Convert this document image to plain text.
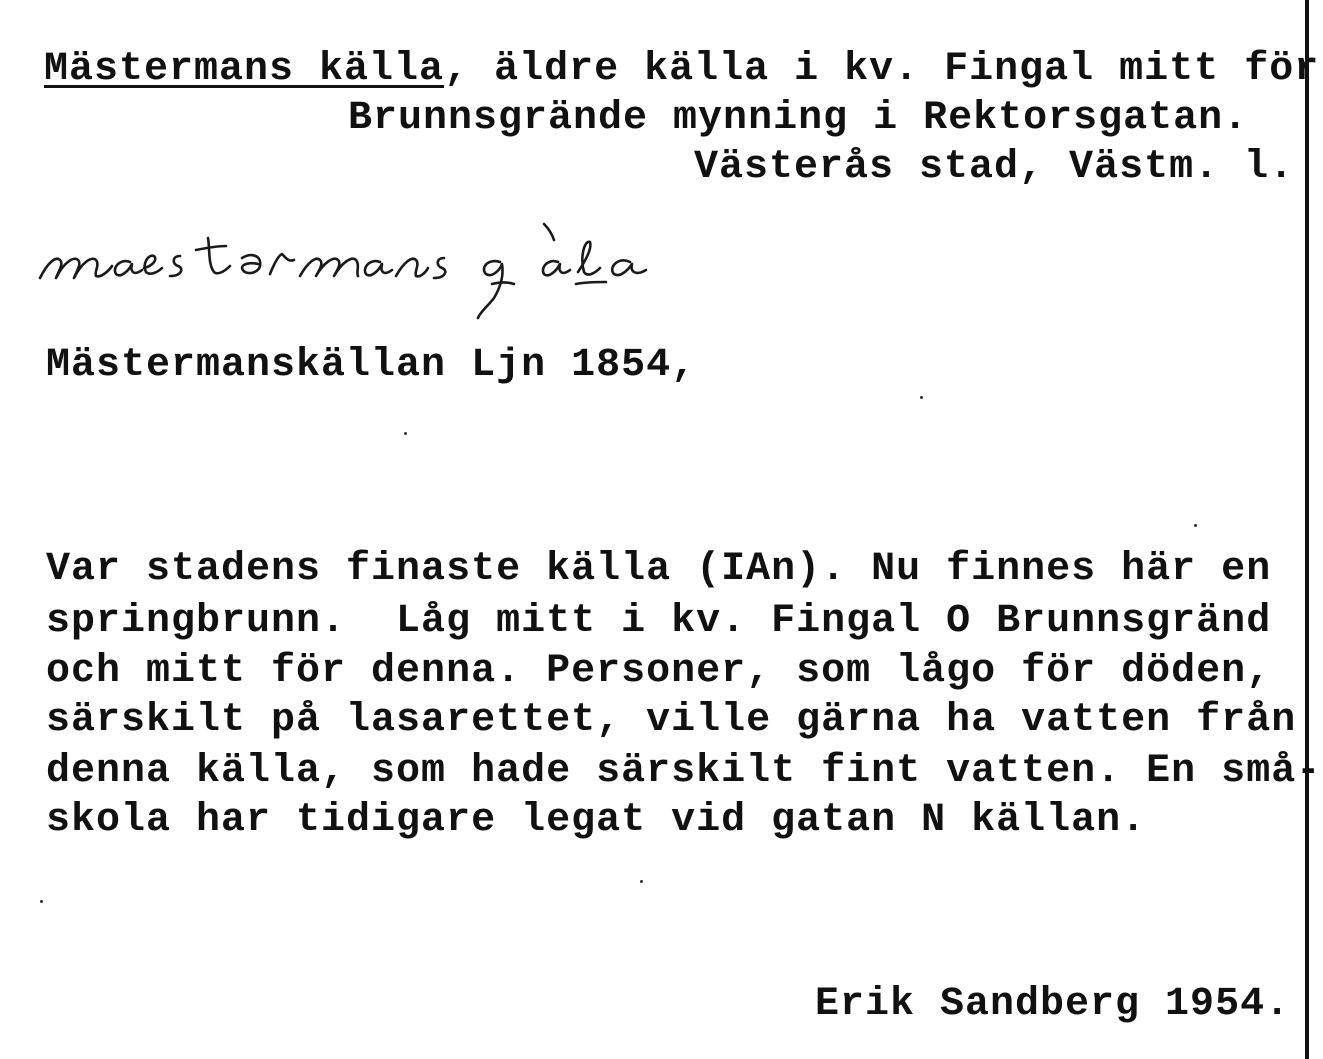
Mästermans källa, äldre källa i kv. Fingal mitt för

Brunnsgrände mynning i Rektorsgatan.

Västerås stad, Västm. l.

Mästermanskällan Ljn 1854,

Var stadens finaste källa (IAn). Nu finnes här en

springbrunn.  Låg mitt i kv. Fingal O Brunnsgränd

och mitt för denna. Personer, som lågo för döden,

särskilt på lasarettet, ville gärna ha vatten från

denna källa, som hade särskilt fint vatten. En små-

skola har tidigare legat vid gatan N källan.

Erik Sandberg 1954.
